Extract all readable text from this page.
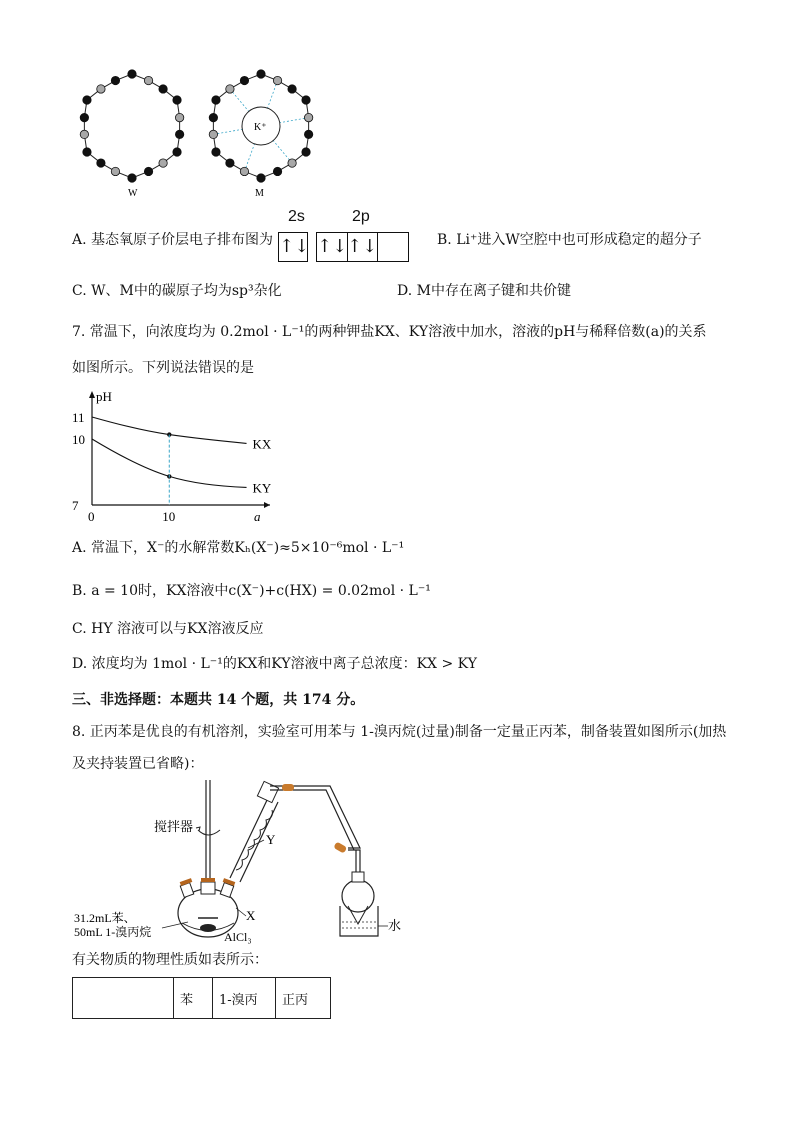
K⁺
W	M
A. 基态氧原子价层电子排布图为
2s	2p
↑↓ ↑↓ ↑↓	B. Li⁺进入W空腔中也可形成稳定的超分子
C. W、M中的碳原子均为sp³杂化	D. M中存在离子键和共价键
7. 常温下，向浓度均为 0.2mol · L⁻¹的两种钾盐KX、KY溶液中加水，溶液的pH与稀释倍数(a)的关系
如图所示。下列说法错误的是
pH
a
7
10
11
0	10
KX
KY
A. 常温下，X⁻的水解常数Kₕ(X⁻)≈5×10⁻⁶mol · L⁻¹
B. a = 10时，KX溶液中c(X⁻)+c(HX) = 0.02mol · L⁻¹
C. HY 溶液可以与KX溶液反应
D. 浓度均为 1mol · L⁻¹的KX和KY溶液中离子总浓度：KX > KY
三、非选择题：本题共 14 个题，共 174 分。
8. 正丙苯是优良的有机溶剂，实验室可用苯与 1-溴丙烷(过量)制备一定量正丙苯，制备装置如图所示(加热
及夹持装置已省略)：
搅拌器
Y
水
X
31.2mL苯、
50mL 1-溴丙烷	AlCl₃
有关物质的物理性质如表所示：
	苯	1-溴丙	正丙
